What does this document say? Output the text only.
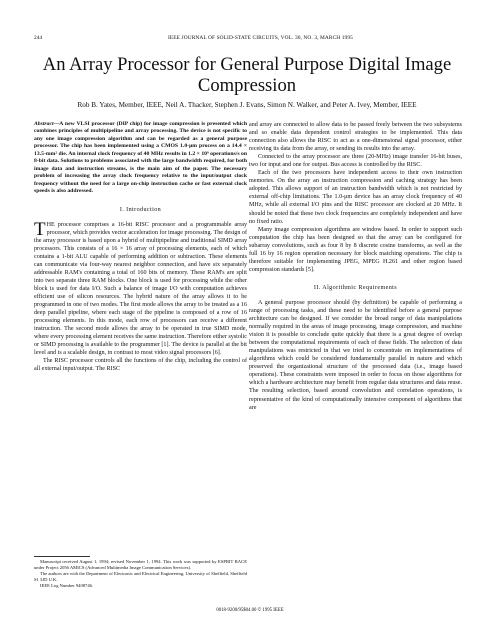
244	IEEE JOURNAL OF SOLID-STATE CIRCUITS, VOL. 30, NO. 3, MARCH 1995
An Array Processor for General Purpose Digital Image Compression
Rob B. Yates, Member, IEEE, Neil A. Thacker, Stephen J. Evans, Simon N. Walker, and Peter A. Ivey, Member, IEEE

Abstract—A new VLSI processor (DIP chip) for image compression is presented which combines principles of multipipeline and array processing. The device is not specific to any one image compression algorithm and can be regarded as a general purpose processor. The chip has been implemented using a CMOS 1.0-μm process on a 14.4 × 13.5-mm² die. An internal clock frequency of 40 MHz results in 1.2 × 10⁹ operations/s on 8-bit data. Solutions to problems associated with the large bandwidth required, for both image data and instruction streams, is the main aim of the paper. The necessary problem of increasing the array clock frequency relative to the input/output clock frequency without the need for a large on-chip instruction cache or fast external clock speeds is also addressed.

I. Introduction

THE processor comprises a 16-bit RISC processor and a programmable array processor, which provides vector acceleration for image processing. The design of the array processor is based upon a hybrid of multipipeline and traditional SIMD array processors. This consists of a 16 × 16 array of processing elements, each of which contains a 1-bit ALU capable of performing addition or subtraction. These elements can communicate via four-way nearest neighbor connection, and have six separately addressable RAM's containing a total of 160 bits of memory. These RAM's are split into two separate three RAM blocks. One block is used for processing while the other block is used for data I/O. Such a balance of image I/O with computation achieves efficient use of silicon resources. The hybrid nature of the array allows it to be programmed in one of two modes. The first mode allows the array to be treated as a 16 deep parallel pipeline, where each stage of the pipeline is composed of a row of 16 processing elements. In this mode, each row of processors can receive a different instruction. The second mode allows the array to be operated in true SIMD mode, where every processing element receives the same instruction. Therefore either systolic or SIMD processing is available to the programmer [1]. The device is parallel at the bit level and is a scalable design, in contrast to most video signal processors [6].

The RISC processor controls all the functions of the chip, including the control of all external input/output. The RISC

and array are connected to allow data to be passed freely between the two subsystems and so enable data dependent control strategies to be implemented. This data connection also allows the RISC to act as a one-dimensional signal processor, either receiving its data from the array, or sending its results into the array.

Connected to the array processor are three (20-MHz) image transfer 16-bit buses, two for input and one for output. Bus access is controlled by the RISC.

Each of the two processors have independent access to their own instruction memories. On the array an instruction compression and caching strategy has been adopted. This allows support of an instruction bandwidth which is not restricted by external off-chip limitations. The 1.0-μm device has an array clock frequency of 40 MHz, while all external I/O pins and the RISC processor are clocked at 20 MHz. It should be noted that these two clock frequencies are completely independent and have no fixed ratio.

Many image compression algorithms are window based. In order to support such computation the chip has been designed so that the array can be configured for subarray convolutions, such as four 8 by 8 discrete cosine transforms, as well as the full 16 by 16 region operation necessary for block matching operations. The chip is therefore suitable for implementing JPEG, MPEG H.261 and other region based compression standards [5].

II. Algorithmic Requirements

A general purpose processor should (by definition) be capable of performing a range of processing tasks, and these need to be identified before a general purpose architecture can be designed. If we consider the broad range of data manipulations normally required in the areas of image processing, image compression, and machine vision it is possible to conclude quite quickly that there is a great degree of overlap between the computational requirements of each of these fields. The selection of data manipulations was restricted in that we tried to concentrate on implementations of algorithms which could be considered fundamentally parallel in nature and which preserved the organizational structure of the processed data (i.e., image based operations). These constraints were imposed in order to focus on those algorithms for which a hardware architecture may benefit from regular data structures and data reuse. The resulting selection, based around convolution and correlation operations, is representative of the kind of computationally intensive component of algorithms that are

Manuscript received August 1, 1994; revised November 1, 1994. This work was supported by ESPRIT RACE under Project 2056 AMICS (Advanced Multimedia Image Communication Services).

The authors are with the Department of Electronic and Electrical Engineering, University of Sheffield, Sheffield S1 3JD U.K.

IEEE Log Number 9408746.

0018-9200/95$04.00 © 1995 IEEE
